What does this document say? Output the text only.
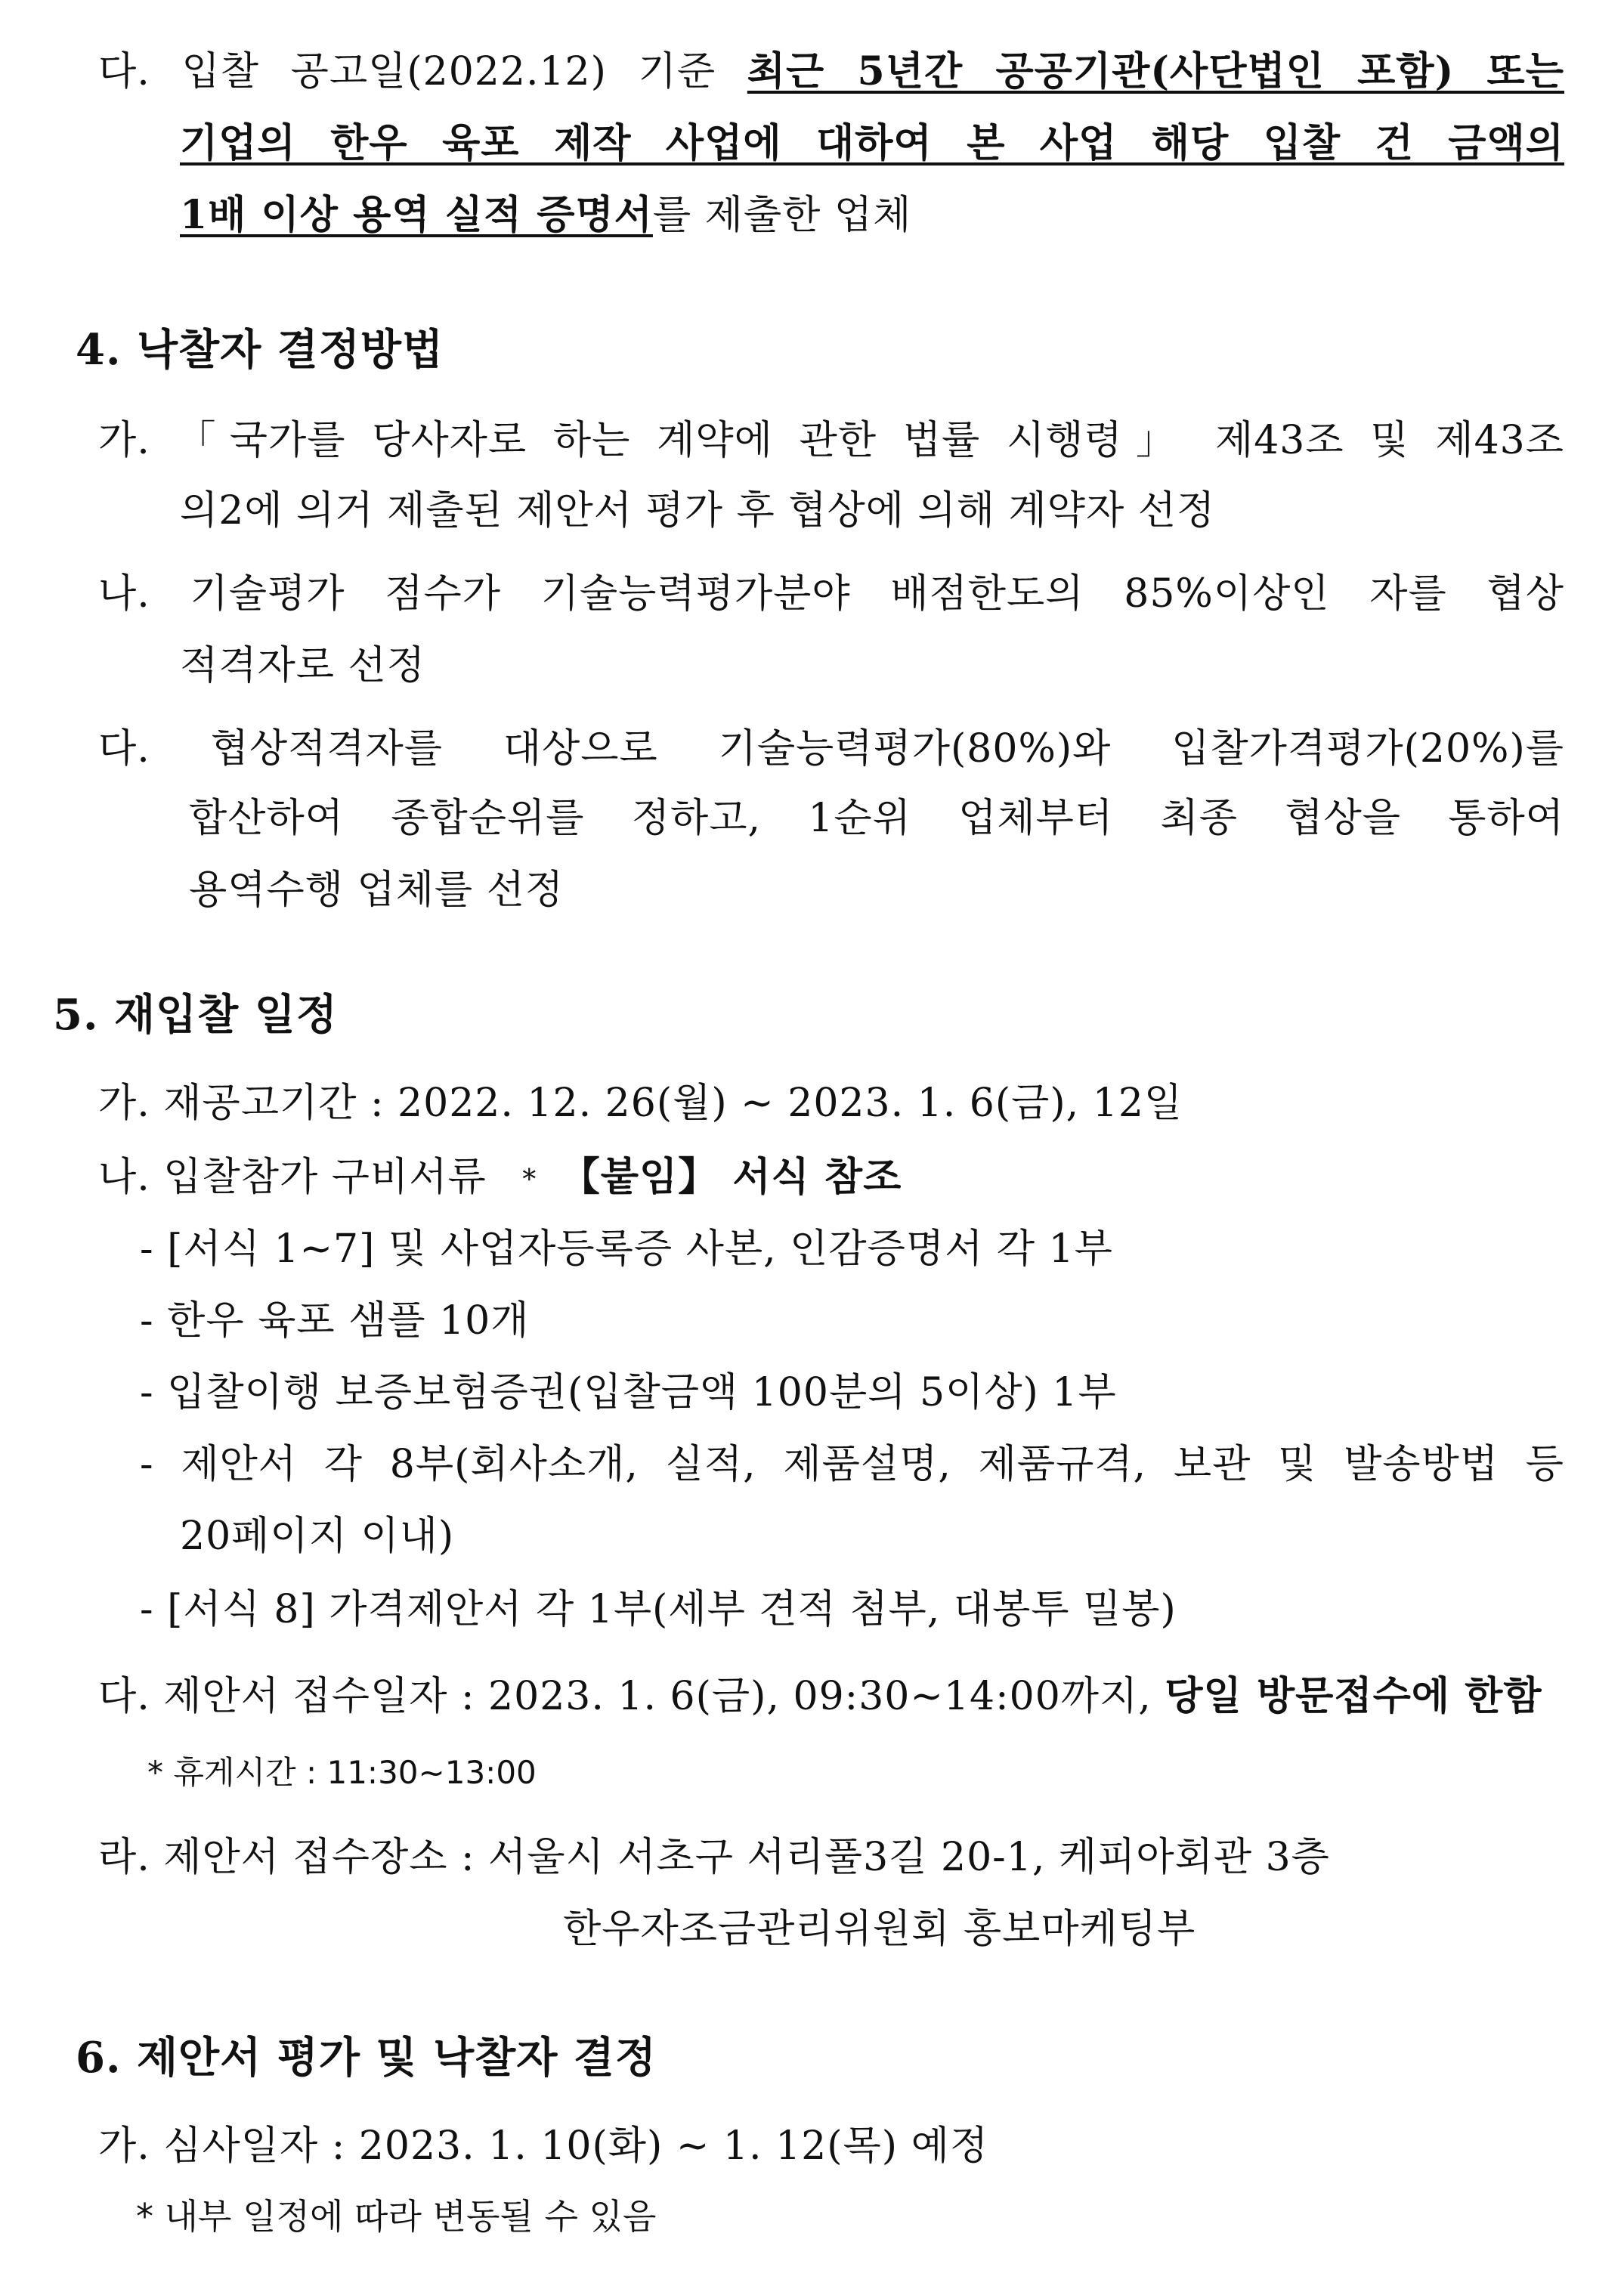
다. 입찰 공고일(2022.12) 기준 최근 5년간 공공기관(사단법인 포함) 또는
기업의 한우 육포 제작 사업에 대하여 본 사업 해당 입찰 건 금액의
1배 이상 용역 실적 증명서를 제출한 업체
4. 낙찰자 결정방법
가. 「국가를 당사자로 하는 계약에 관한 법률 시행령」 제43조 및 제43조
의2에 의거 제출된 제안서 평가 후 협상에 의해 계약자 선정
나. 기술평가 점수가 기술능력평가분야 배점한도의 85%이상인 자를 협상
적격자로 선정
다. 협상적격자를 대상으로 기술능력평가(80%)와 입찰가격평가(20%)를
합산하여 종합순위를 정하고, 1순위 업체부터 최종 협상을 통하여
용역수행 업체를 선정
5. 재입찰 일정
가. 재공고기간 : 2022. 12. 26(월) ~ 2023. 1. 6(금), 12일
나. 입찰참가 구비서류 * 【붙임】 서식 참조
- [서식 1~7] 및 사업자등록증 사본, 인감증명서 각 1부
- 한우 육포 샘플 10개
- 입찰이행 보증보험증권(입찰금액 100분의 5이상) 1부
- 제안서 각 8부(회사소개, 실적, 제품설명, 제품규격, 보관 및 발송방법 등
20페이지 이내)
- [서식 8] 가격제안서 각 1부(세부 견적 첨부, 대봉투 밀봉)
다. 제안서 접수일자 : 2023. 1. 6(금), 09:30~14:00까지, 당일 방문접수에 한함
* 휴게시간 : 11:30~13:00
라. 제안서 접수장소 : 서울시 서초구 서리풀3길 20-1, 케피아회관 3층
한우자조금관리위원회 홍보마케팅부
6. 제안서 평가 및 낙찰자 결정
가. 심사일자 : 2023. 1. 10(화) ~ 1. 12(목) 예정
* 내부 일정에 따라 변동될 수 있음
